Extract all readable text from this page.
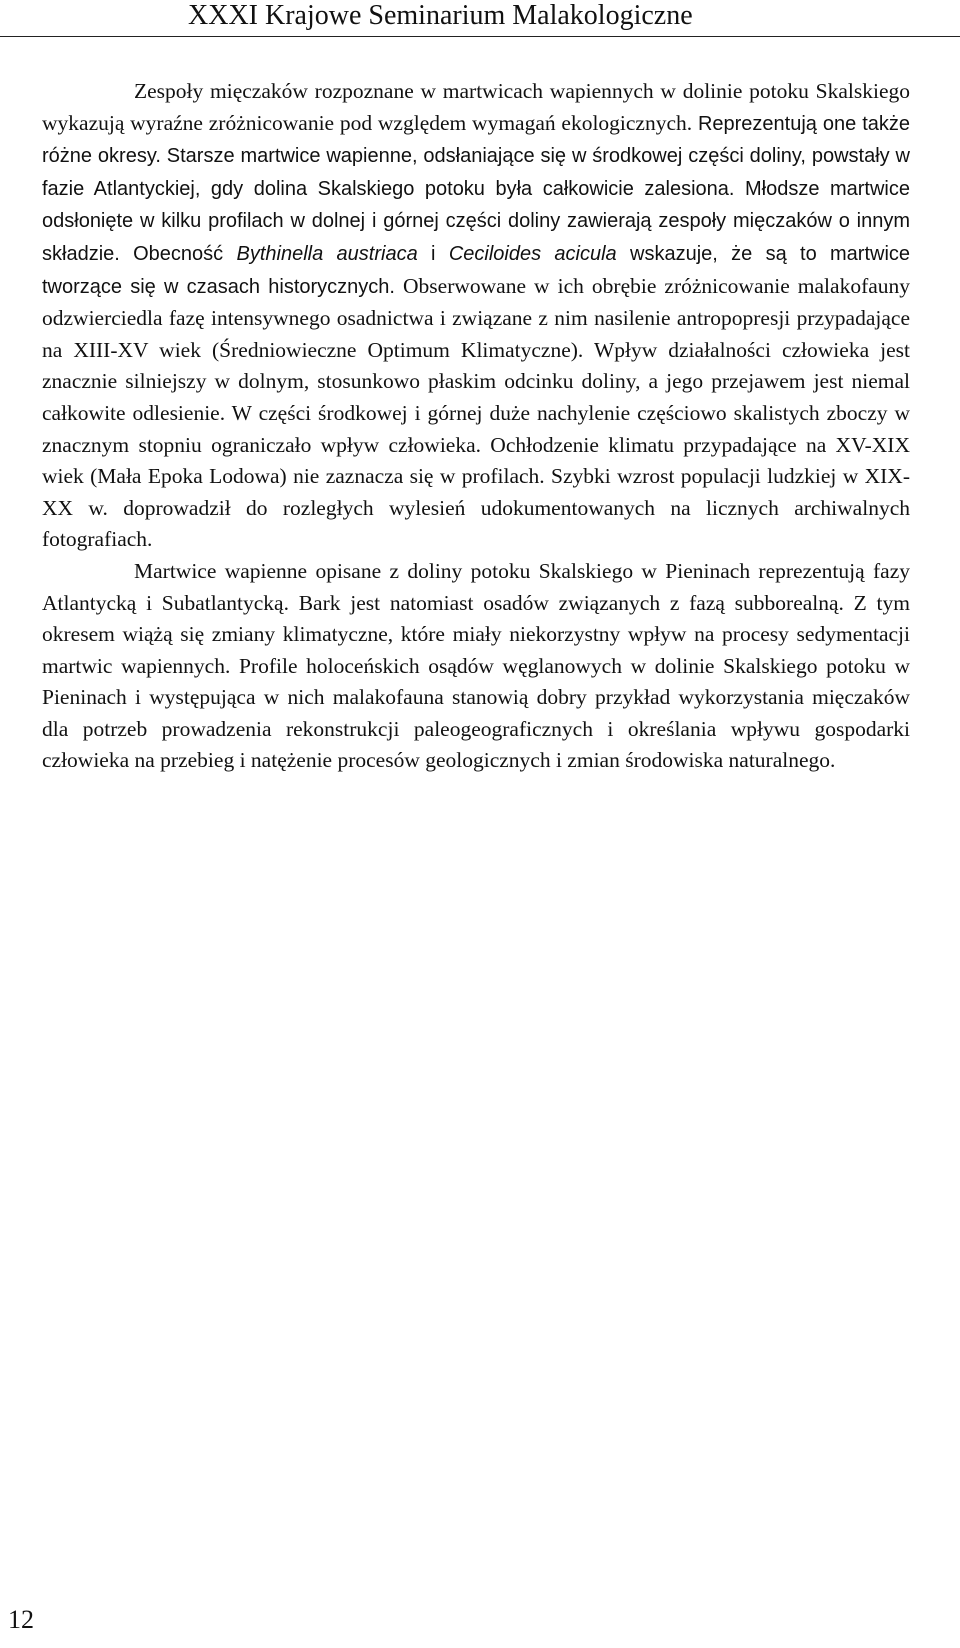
XXXI Krajowe Seminarium Malakologiczne

Zespoły mięczaków rozpoznane w martwicach wapiennych w dolinie potoku Skalskiego wykazują wyraźne zróżnicowanie pod względem wymagań ekologicznych. Reprezentują one także różne okresy. Starsze martwice wapienne, odsłaniające się w środkowej części doliny, powstały w fazie Atlantyckiej, gdy dolina Skalskiego potoku była całkowicie zalesiona. Młodsze martwice odsłonięte w kilku profilach w dolnej i górnej części doliny zawierają zespoły mięczaków o innym składzie. Obecność Bythinella austriaca i Ceciloides acicula wskazuje, że są to martwice tworzące się w czasach historycznych. Obserwowane w ich obrębie zróżnicowanie malakofauny odzwierciedla fazę intensywnego osadnictwa i związane z nim nasilenie antropopresji przypadające na XIII-XV wiek (Średniowieczne Optimum Klimatyczne). Wpływ działalności człowieka jest znacznie silniejszy w dolnym, stosunkowo płaskim odcinku doliny, a jego przejawem jest niemal całkowite odlesienie. W części środkowej i górnej duże nachylenie częściowo skalistych zboczy w znacznym stopniu ograniczało wpływ człowieka. Ochłodzenie klimatu przypadające na XV-XIX wiek (Mała Epoka Lodowa) nie zaznacza się w profilach. Szybki wzrost populacji ludzkiej w XIX-XX w. doprowadził do rozległych wylesień udokumentowanych na licznych archiwalnych fotografiach.

Martwice wapienne opisane z doliny potoku Skalskiego w Pieninach reprezentują fazy Atlantycką i Subatlantycką. Bark jest natomiast osadów związanych z fazą subborealną. Z tym okresem wiążą się zmiany klimatyczne, które miały niekorzystny wpływ na procesy sedymentacji martwic wapiennych. Profile holoceńskich osądów węglanowych w dolinie Skalskiego potoku w Pieninach i występująca w nich malakofauna stanowią dobry przykład wykorzystania mięczaków dla potrzeb prowadzenia rekonstrukcji paleogeograficznych i określania wpływu gospodarki człowieka na przebieg i natężenie procesów geologicznych i zmian środowiska naturalnego.

12
